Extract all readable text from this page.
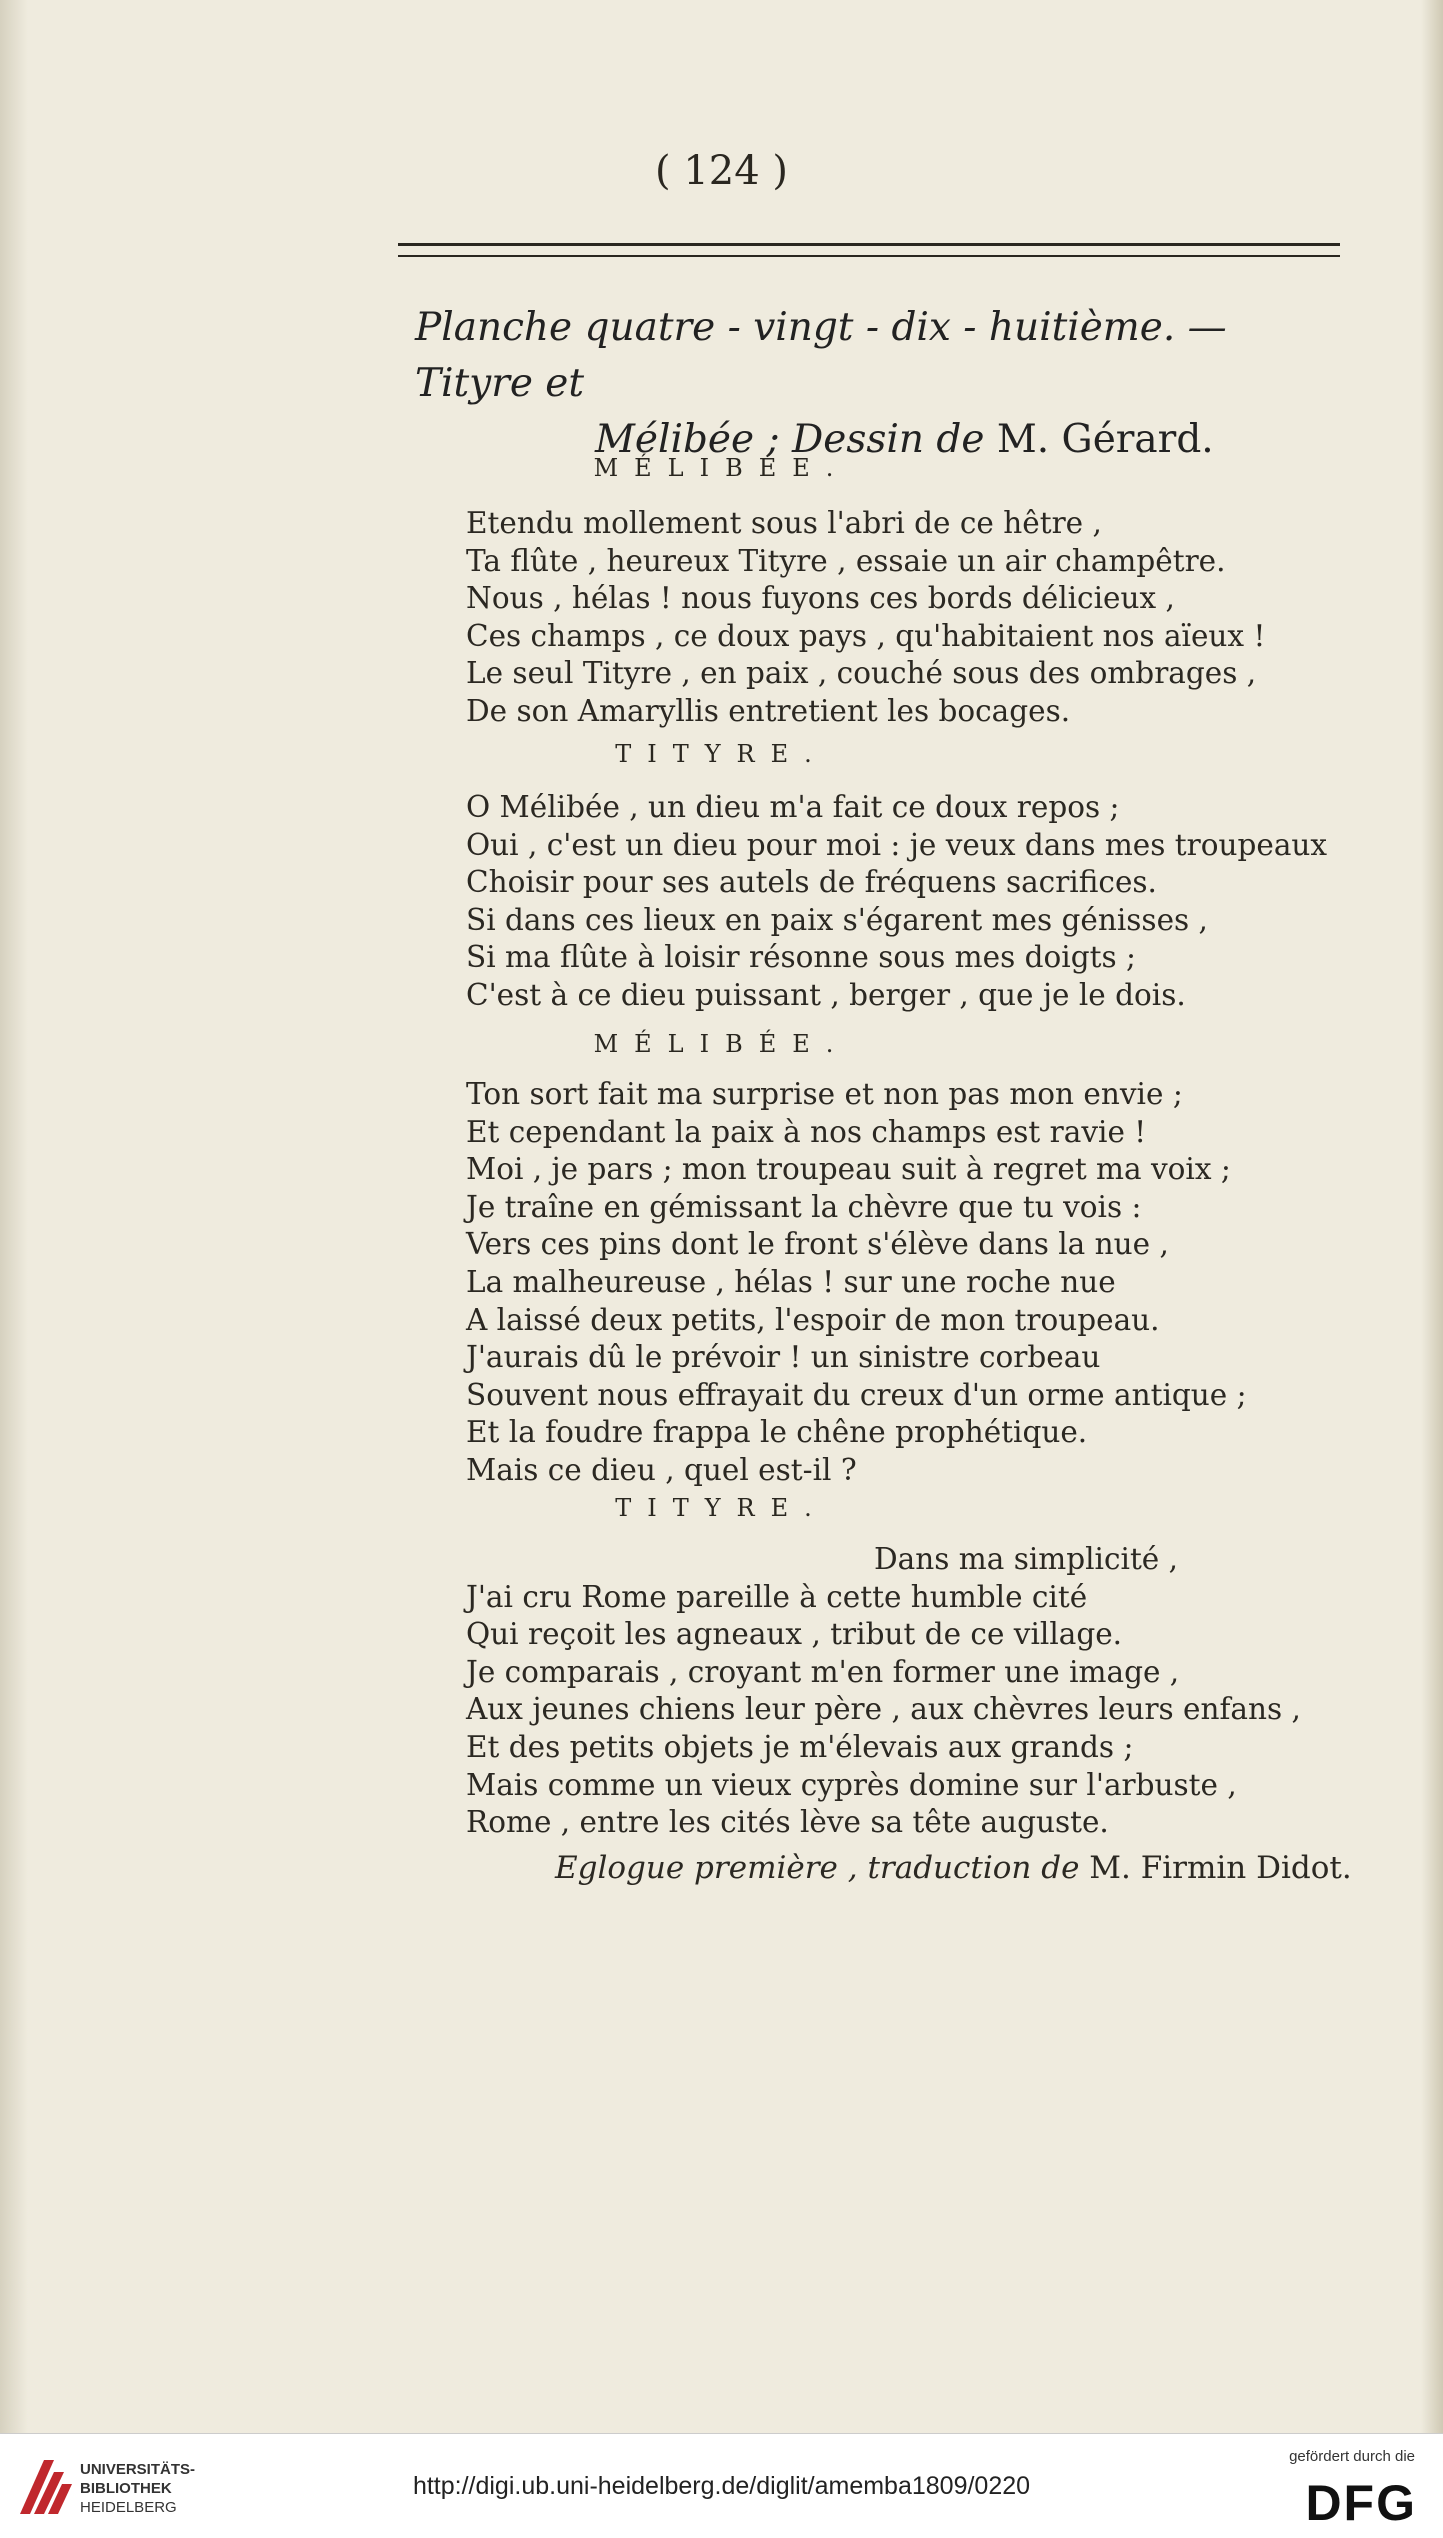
( 124 )
Planche quatre - vingt - dix - huitième. — Tityre et
Mélibée ; Dessin de M. Gérard.
MÉLIBÉE.
Etendu mollement sous l'abri de ce hêtre ,
Ta flûte , heureux Tityre , essaie un air champêtre.
Nous , hélas ! nous fuyons ces bords délicieux ,
Ces champs , ce doux pays , qu'habitaient nos aïeux !
Le seul Tityre , en paix , couché sous des ombrages ,
De son Amaryllis entretient les bocages.
TITYRE.
O Mélibée , un dieu m'a fait ce doux repos ;
Oui , c'est un dieu pour moi : je veux dans mes troupeaux
Choisir pour ses autels de fréquens sacrifices.
Si dans ces lieux en paix s'égarent mes génisses ,
Si ma flûte à loisir résonne sous mes doigts ;
C'est à ce dieu puissant , berger , que je le dois.
MÉLIBÉE.
Ton sort fait ma surprise et non pas mon envie ;
Et cependant la paix à nos champs est ravie !
Moi , je pars ; mon troupeau suit à regret ma voix ;
Je traîne en gémissant la chèvre que tu vois :
Vers ces pins dont le front s'élève dans la nue ,
La malheureuse , hélas ! sur une roche nue
A laissé deux petits, l'espoir de mon troupeau.
J'aurais dû le prévoir ! un sinistre corbeau
Souvent nous effrayait du creux d'un orme antique ;
Et la foudre frappa le chêne prophétique.
Mais ce dieu , quel est-il ?
TITYRE.
Dans ma simplicité ,
J'ai cru Rome pareille à cette humble cité
Qui reçoit les agneaux , tribut de ce village.
Je comparais , croyant m'en former une image ,
Aux jeunes chiens leur père , aux chèvres leurs enfans ,
Et des petits objets je m'élevais aux grands ;
Mais comme un vieux cyprès domine sur l'arbuste ,
Rome , entre les cités lève sa tête auguste.
Eglogue première , traduction de M. Firmin Didot.
UNIVERSITÄTS-
BIBLIOTHEK
HEIDELBERG
http://digi.ub.uni-heidelberg.de/diglit/amemba1809/0220
gefördert durch die
DFG
